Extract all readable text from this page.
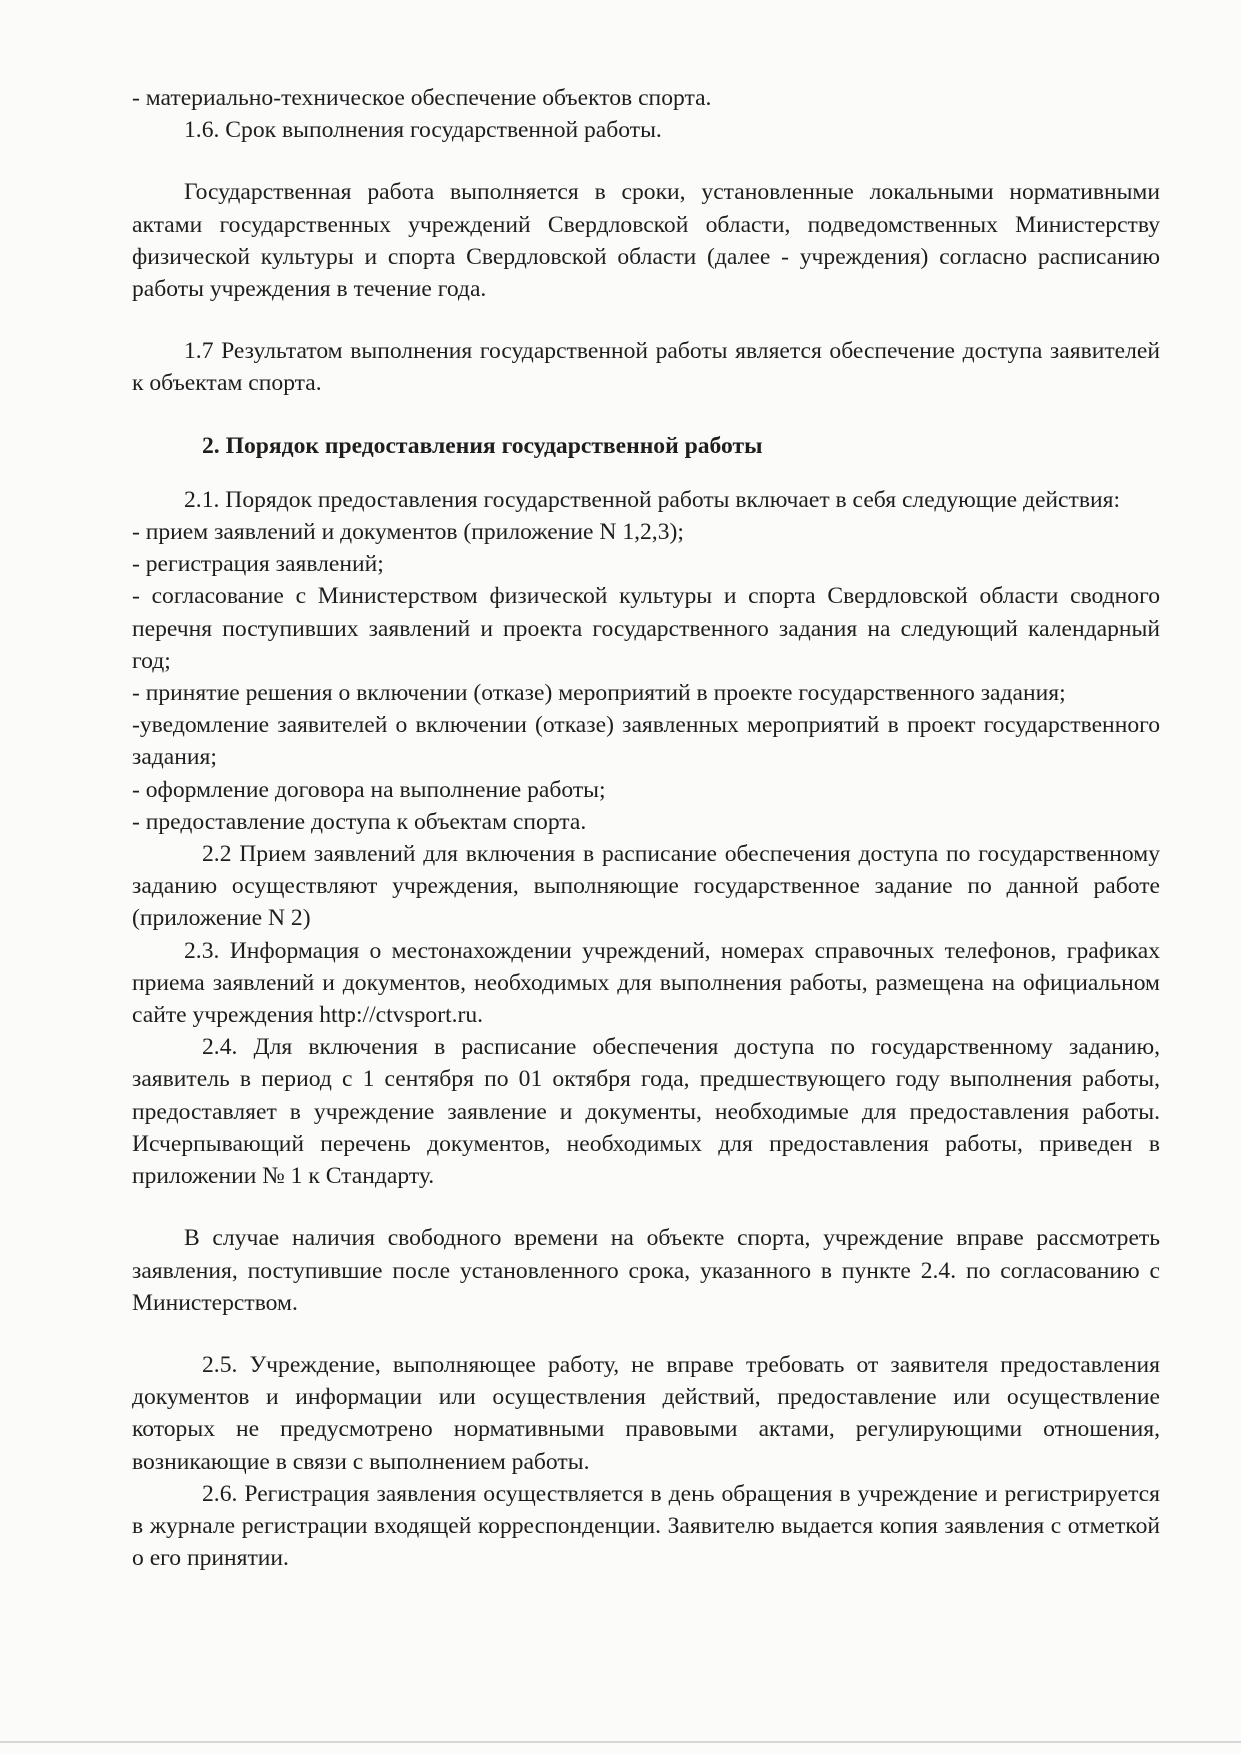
- материально-техническое обеспечение объектов спорта.

1.6. Срок выполнения государственной работы.

Государственная работа выполняется в сроки, установленные локальными нормативными актами государственных учреждений Свердловской области, подведомственных Министерству физической культуры и спорта Свердловской области (далее - учреждения) согласно расписанию работы учреждения в течение года.

1.7 Результатом выполнения государственной работы является обеспечение доступа заявителей к объектам спорта.

2. Порядок предоставления государственной работы

2.1. Порядок предоставления государственной работы включает в себя следующие действия:

- прием заявлений и документов (приложение N 1,2,3);

- регистрация заявлений;

- согласование с Министерством физической культуры и спорта Свердловской области сводного перечня поступивших заявлений и проекта государственного задания на следующий календарный год;

- принятие решения о включении (отказе) мероприятий в проекте государственного задания;

-уведомление заявителей о включении (отказе) заявленных мероприятий в проект государственного задания;

- оформление договора на выполнение работы;

- предоставление доступа к объектам спорта.

2.2 Прием заявлений для включения в расписание обеспечения доступа по государственному заданию осуществляют учреждения, выполняющие государственное задание по данной работе (приложение N 2)

2.3. Информация о местонахождении учреждений, номерах справочных телефонов, графиках приема заявлений и документов, необходимых для выполнения работы, размещена на официальном сайте учреждения http://ctvsport.ru.

2.4. Для включения в расписание обеспечения доступа по государственному заданию, заявитель в период с 1 сентября по 01 октября года, предшествующего году выполнения работы, предоставляет в учреждение заявление и документы, необходимые для предоставления работы. Исчерпывающий перечень документов, необходимых для предоставления работы, приведен в приложении № 1 к Стандарту.

В случае наличия свободного времени на объекте спорта, учреждение вправе рассмотреть заявления, поступившие после установленного срока, указанного в пункте 2.4. по согласованию с Министерством.

2.5. Учреждение, выполняющее работу, не вправе требовать от заявителя предоставления документов и информации или осуществления действий, предоставление или осуществление которых не предусмотрено нормативными правовыми актами, регулирующими отношения, возникающие в связи с выполнением работы.

2.6. Регистрация заявления осуществляется в день обращения в учреждение и регистрируется в журнале регистрации входящей корреспонденции. Заявителю выдается копия заявления с отметкой о его принятии.
